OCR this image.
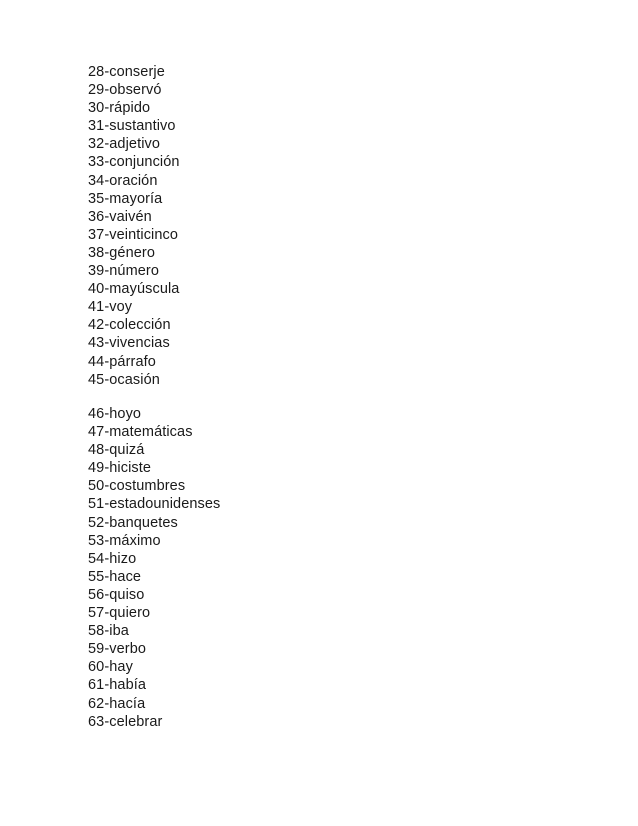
28-conserje
29-observó
30-rápido
31-sustantivo
32-adjetivo
33-conjunción
34-oración
35-mayoría
36-vaivén
37-veinticinco
38-género
39-número
40-mayúscula
41-voy
42-colección
43-vivencias
44-párrafo
45-ocasión
46-hoyo
47-matemáticas
48-quizá
49-hiciste
50-costumbres
51-estadounidenses
52-banquetes
53-máximo
54-hizo
55-hace
56-quiso
57-quiero
58-iba
59-verbo
60-hay
61-había
62-hacía
63-celebrar
